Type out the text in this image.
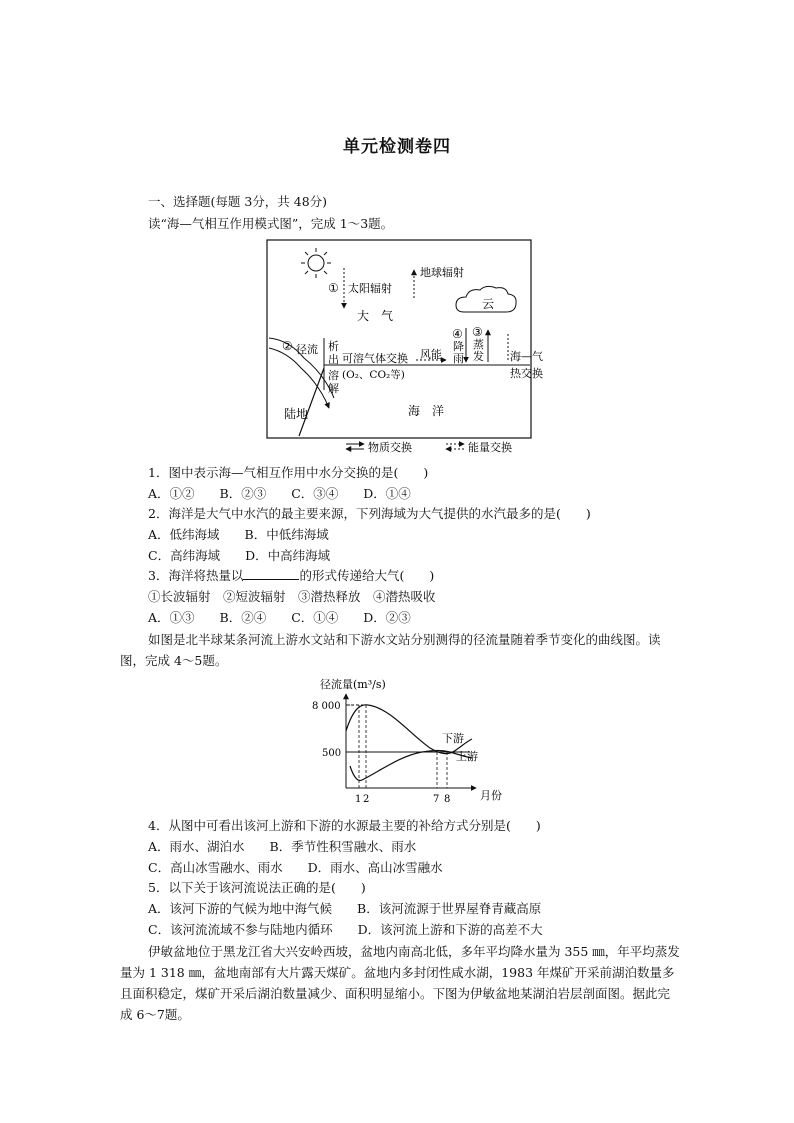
单元检测卷四
一、选择题(每题 3分，共 48分)
读“海—气相互作用模式图”，完成 1～3题。
① 太阳辐射
地球辐射
云
大　气
② 径流 析
出
溶
解
可溶气体交换
(O₂、CO₂等)
风能
④
降
雨
③
蒸
发 海—气
热交换
陆地	海　洋
物质交换	能量交换
1．图中表示海—气相互作用中水分交换的是(　　)
A．①②　　B．②③　　C．③④　　D．①④
2．海洋是大气中水汽的最主要来源，下列海域为大气提供的水汽最多的是(　　)
A．低纬海域　　B．中低纬海域
C．高纬海域　　D．中高纬海域
3．海洋将热量以	的形式传递给大气(　　)
①长波辐射　②短波辐射　③潜热释放　④潜热吸收
A．①③　　B．②④　　C．①④　　D．②③
如图是北半球某条河流上游水文站和下游水文站分别测得的径流量随着季节变化的曲线图。读图，完成 4～5题。
径流量(m³/s)
月份
8 000
500
下游
上游
1 2	7 8
4．从图中可看出该河上游和下游的水源最主要的补给方式分别是(　　)
A．雨水、湖泊水　　B．季节性积雪融水、雨水
C．高山冰雪融水、雨水　　D．雨水、高山冰雪融水
5．以下关于该河流说法正确的是(　　)
A．该河下游的气候为地中海气候　　B．该河流源于世界屋脊青藏高原
C．该河流流域不参与陆地内循环　　D．该河流上游和下游的高差不大
伊敏盆地位于黑龙江省大兴安岭西坡，盆地内南高北低，多年平均降水量为 355 ㎜，年平均蒸发量为 1 318 ㎜，盆地南部有大片露天煤矿。盆地内多封闭性咸水湖，1983 年煤矿开采前湖泊数量多且面积稳定，煤矿开采后湖泊数量减少、面积明显缩小。下图为伊敏盆地某湖泊岩层剖面图。据此完成 6～7题。
